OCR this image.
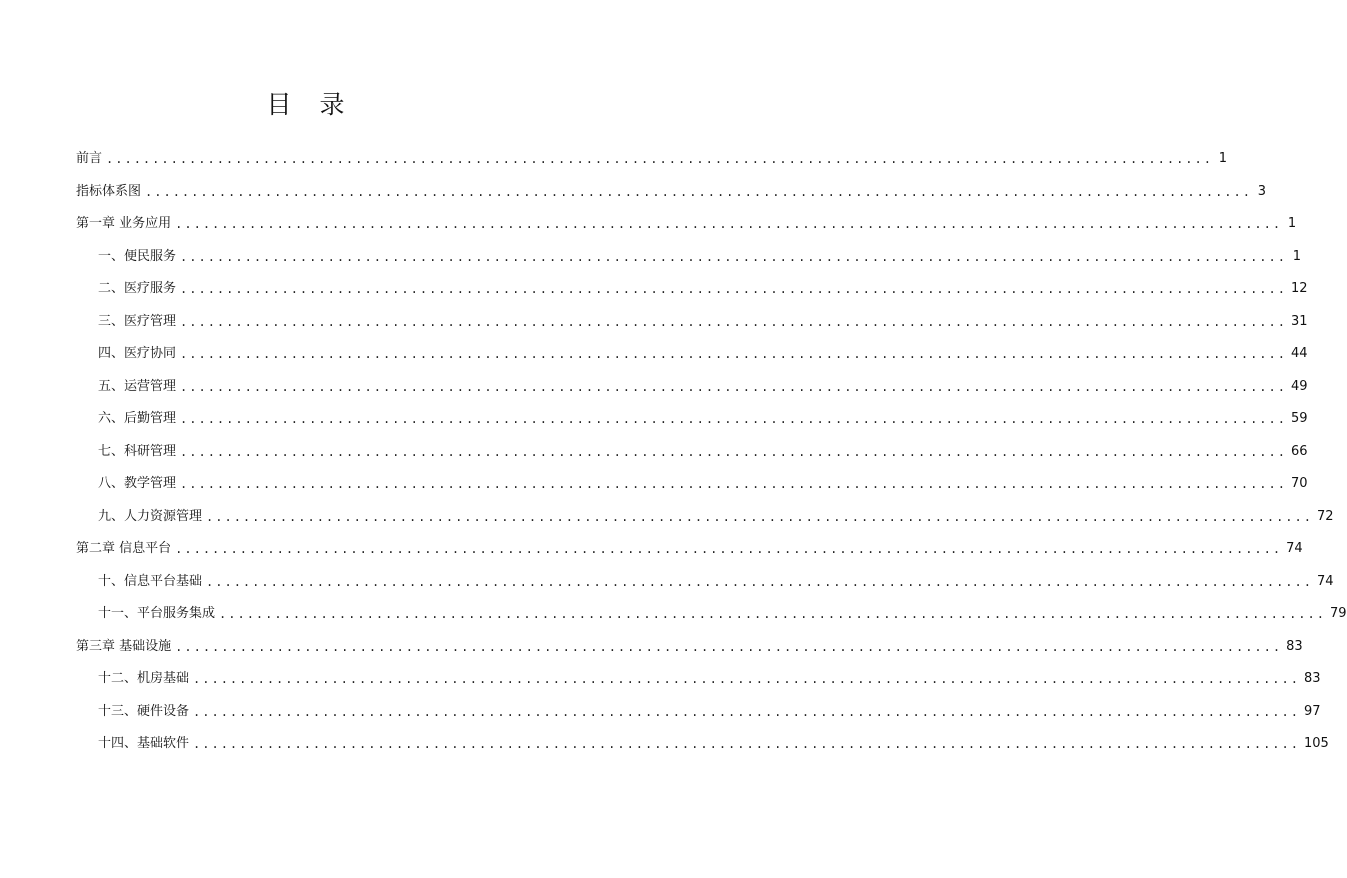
目 录
前言 ........................................................................................................................ 1
指标体系图 ........................................................................................................................ 3
第一章 业务应用 ........................................................................................................................ 1
一、便民服务 ........................................................................................................................ 1
二、医疗服务 ........................................................................................................................ 12
三、医疗管理 ........................................................................................................................ 31
四、医疗协同 ........................................................................................................................ 44
五、运营管理 ........................................................................................................................ 49
六、后勤管理 ........................................................................................................................ 59
七、科研管理 ........................................................................................................................ 66
八、教学管理 ........................................................................................................................ 70
九、人力资源管理 ........................................................................................................................ 72
第二章 信息平台 ........................................................................................................................ 74
十、信息平台基础 ........................................................................................................................ 74
十一、平台服务集成 ........................................................................................................................ 79
第三章 基础设施 ........................................................................................................................ 83
十二、机房基础 ........................................................................................................................ 83
十三、硬件设备 ........................................................................................................................ 97
十四、基础软件 ........................................................................................................................ 105
